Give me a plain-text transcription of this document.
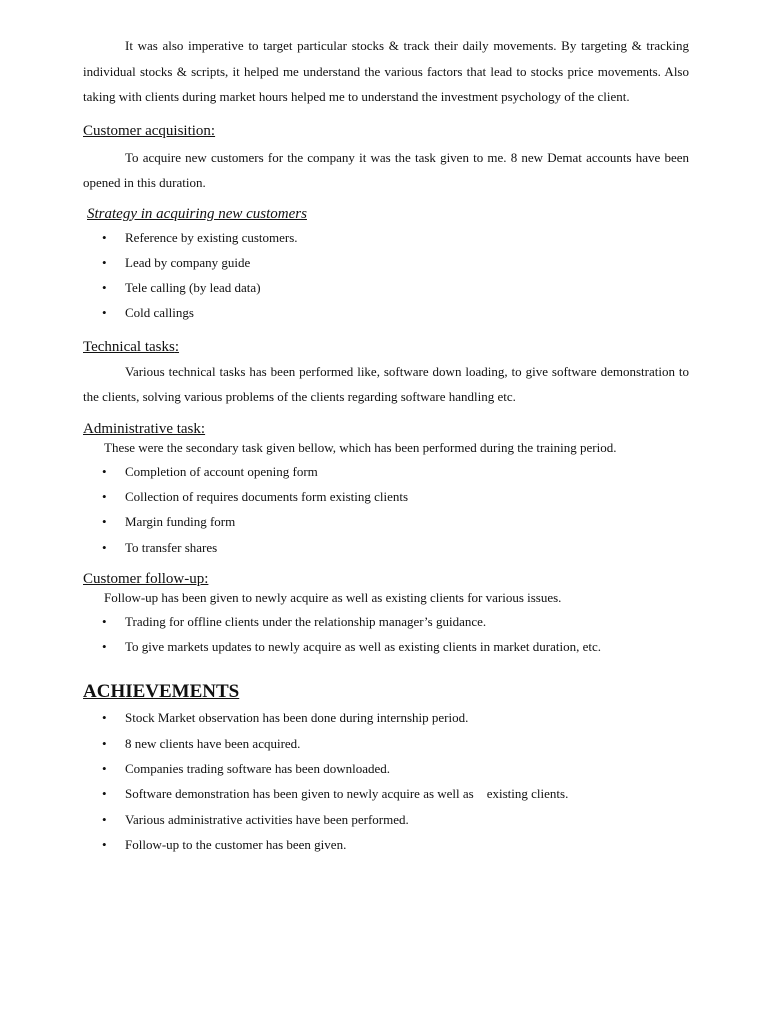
It was also imperative to target particular stocks & track their daily movements. By targeting & tracking individual stocks & scripts, it helped me understand the various factors that lead to stocks price movements. Also taking with clients during market hours helped me to understand the investment psychology of the client.

Customer acquisition:

To acquire new customers for the company it was the task given to me. 8 new Demat accounts have been opened in this duration.

Strategy in acquiring new customers

• Reference by existing customers.
• Lead by company guide
• Tele calling (by lead data)
• Cold callings

Technical tasks:

Various technical tasks has been performed like, software down loading, to give software demonstration to the clients, solving various problems of the clients regarding software handling etc.

Administrative task:

These were the secondary task given bellow, which has been performed during the training period.

• Completion of account opening form
• Collection of requires documents form existing clients
• Margin funding form
• To transfer shares

Customer follow-up:

Follow-up has been given to newly acquire as well as existing clients for various issues.

• Trading for offline clients under the relationship manager’s guidance.
• To give markets updates to newly acquire as well as existing clients in market duration, etc.

ACHIEVEMENTS

• Stock Market observation has been done during internship period.
• 8 new clients have been acquired.
• Companies trading software has been downloaded.
• Software demonstration has been given to newly acquire as well as    existing clients.
• Various administrative activities have been performed.
• Follow-up to the customer has been given.
